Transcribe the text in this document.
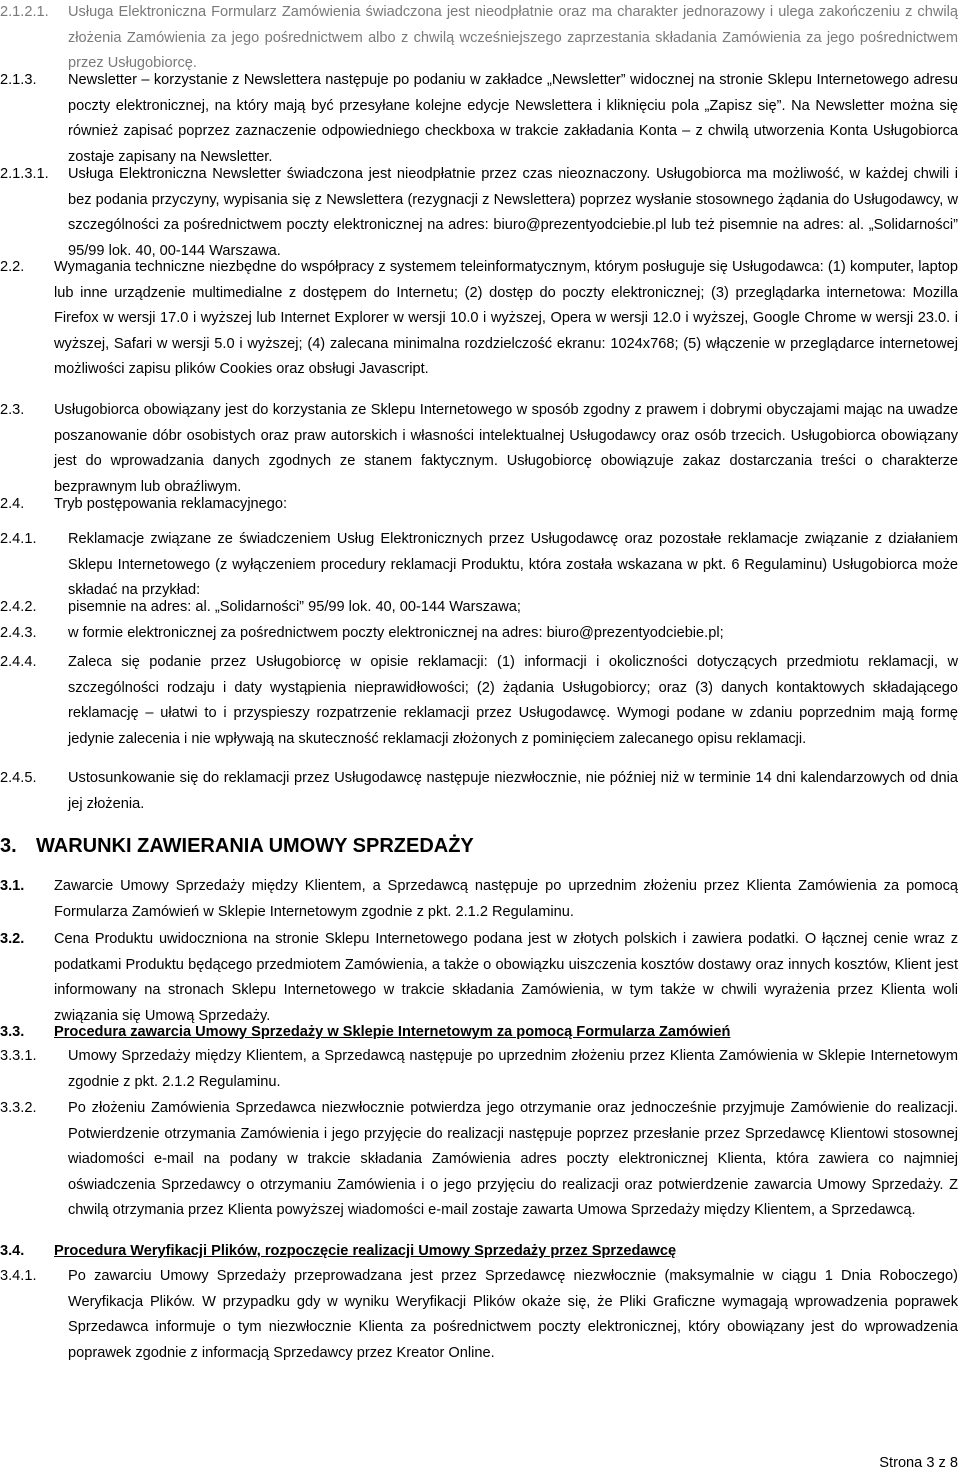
2.1.2.1. Usługa Elektroniczna Formularz Zamówienia świadczona jest nieodpłatnie oraz ma charakter jednorazowy i ulega zakończeniu z chwilą złożenia Zamówienia za jego pośrednictwem albo z chwilą wcześniejszego zaprzestania składania Zamówienia za jego pośrednictwem przez Usługobiorcę.
2.1.3. Newsletter – korzystanie z Newslettera następuje po podaniu w zakładce „Newsletter” widocznej na stronie Sklepu Internetowego adresu poczty elektronicznej, na który mają być przesyłane kolejne edycje Newslettera i kliknięciu pola „Zapisz się”. Na Newsletter można się również zapisać poprzez zaznaczenie odpowiedniego checkboxa w trakcie zakładania Konta – z chwilą utworzenia Konta Usługobiorca zostaje zapisany na Newsletter.
2.1.3.1. Usługa Elektroniczna Newsletter świadczona jest nieodpłatnie przez czas nieoznaczony. Usługobiorca ma możliwość, w każdej chwili i bez podania przyczyny, wypisania się z Newslettera (rezygnacji z Newslettera) poprzez wysłanie stosownego żądania do Usługodawcy, w szczególności za pośrednictwem poczty elektronicznej na adres: biuro@prezentyodciebie.pl lub też pisemnie na adres: al. „Solidarności” 95/99 lok. 40, 00-144 Warszawa.
2.2. Wymagania techniczne niezbędne do współpracy z systemem teleinformatycznym, którym posługuje się Usługodawca: (1) komputer, laptop lub inne urządzenie multimedialne z dostępem do Internetu; (2) dostęp do poczty elektronicznej; (3) przeglądarka internetowa: Mozilla Firefox w wersji 17.0 i wyższej lub Internet Explorer w wersji 10.0 i wyższej, Opera w wersji 12.0 i wyższej, Google Chrome w wersji 23.0. i wyższej, Safari w wersji 5.0 i wyższej; (4) zalecana minimalna rozdzielczość ekranu: 1024x768; (5) włączenie w przeglądarce internetowej możliwości zapisu plików Cookies oraz obsługi Javascript.
2.3. Usługobiorca obowiązany jest do korzystania ze Sklepu Internetowego w sposób zgodny z prawem i dobrymi obyczajami mając na uwadze poszanowanie dóbr osobistych oraz praw autorskich i własności intelektualnej Usługodawcy oraz osób trzecich. Usługobiorca obowiązany jest do wprowadzania danych zgodnych ze stanem faktycznym. Usługobiorcę obowiązuje zakaz dostarczania treści o charakterze bezprawnym lub obraźliwym.
2.4. Tryb postępowania reklamacyjnego:
2.4.1. Reklamacje związane ze świadczeniem Usług Elektronicznych przez Usługodawcę oraz pozostałe reklamacje związanie z działaniem Sklepu Internetowego (z wyłączeniem procedury reklamacji Produktu, która została wskazana w pkt. 6 Regulaminu) Usługobiorca może składać na przykład:
2.4.2. pisemnie na adres: al. „Solidarności” 95/99 lok. 40, 00-144 Warszawa;
2.4.3. w formie elektronicznej za pośrednictwem poczty elektronicznej na adres: biuro@prezentyodciebie.pl;
2.4.4. Zaleca się podanie przez Usługobiorcę w opisie reklamacji: (1) informacji i okoliczności dotyczących przedmiotu reklamacji, w szczególności rodzaju i daty wystąpienia nieprawidłowości; (2) żądania Usługobiorcy; oraz (3) danych kontaktowych składającego reklamację – ułatwi to i przyspieszy rozpatrzenie reklamacji przez Usługodawcę. Wymogi podane w zdaniu poprzednim mają formę jedynie zalecenia i nie wpływają na skuteczność reklamacji złożonych z pominięciem zalecanego opisu reklamacji.
2.4.5. Ustosunkowanie się do reklamacji przez Usługodawcę następuje niezwłocznie, nie później niż w terminie 14 dni kalendarzowych od dnia jej złożenia.
3. WARUNKI ZAWIERANIA UMOWY SPRZEDAŻY
3.1. Zawarcie Umowy Sprzedaży między Klientem, a Sprzedawcą następuje po uprzednim złożeniu przez Klienta Zamówienia za pomocą Formularza Zamówień w Sklepie Internetowym zgodnie z pkt. 2.1.2 Regulaminu.
3.2. Cena Produktu uwidoczniona na stronie Sklepu Internetowego podana jest w złotych polskich i zawiera podatki. O łącznej cenie wraz z podatkami Produktu będącego przedmiotem Zamówienia, a także o obowiązku uiszczenia kosztów dostawy oraz innych kosztów, Klient jest informowany na stronach Sklepu Internetowego w trakcie składania Zamówienia, w tym także w chwili wyrażenia przez Klienta woli związania się Umową Sprzedaży.
3.3. Procedura zawarcia Umowy Sprzedaży w Sklepie Internetowym za pomocą Formularza Zamówień
3.3.1. Umowy Sprzedaży między Klientem, a Sprzedawcą następuje po uprzednim złożeniu przez Klienta Zamówienia w Sklepie Internetowym zgodnie z pkt. 2.1.2 Regulaminu.
3.3.2. Po złożeniu Zamówienia Sprzedawca niezwłocznie potwierdza jego otrzymanie oraz jednocześnie przyjmuje Zamówienie do realizacji. Potwierdzenie otrzymania Zamówienia i jego przyjęcie do realizacji następuje poprzez przesłanie przez Sprzedawcę Klientowi stosownej wiadomości e-mail na podany w trakcie składania Zamówienia adres poczty elektronicznej Klienta, która zawiera co najmniej oświadczenia Sprzedawcy o otrzymaniu Zamówienia i o jego przyjęciu do realizacji oraz potwierdzenie zawarcia Umowy Sprzedaży. Z chwilą otrzymania przez Klienta powyższej wiadomości e-mail zostaje zawarta Umowa Sprzedaży między Klientem, a Sprzedawcą.
3.4. Procedura Weryfikacji Plików, rozpoczęcie realizacji Umowy Sprzedaży przez Sprzedawcę
3.4.1. Po zawarciu Umowy Sprzedaży przeprowadzana jest przez Sprzedawcę niezwłocznie (maksymalnie w ciągu 1 Dnia Roboczego) Weryfikacja Plików. W przypadku gdy w wyniku Weryfikacji Plików okaże się, że Pliki Graficzne wymagają wprowadzenia poprawek Sprzedawca informuje o tym niezwłocznie Klienta za pośrednictwem poczty elektronicznej, który obowiązany jest do wprowadzenia poprawek zgodnie z informacją Sprzedawcy przez Kreator Online.
Strona 3 z 8
